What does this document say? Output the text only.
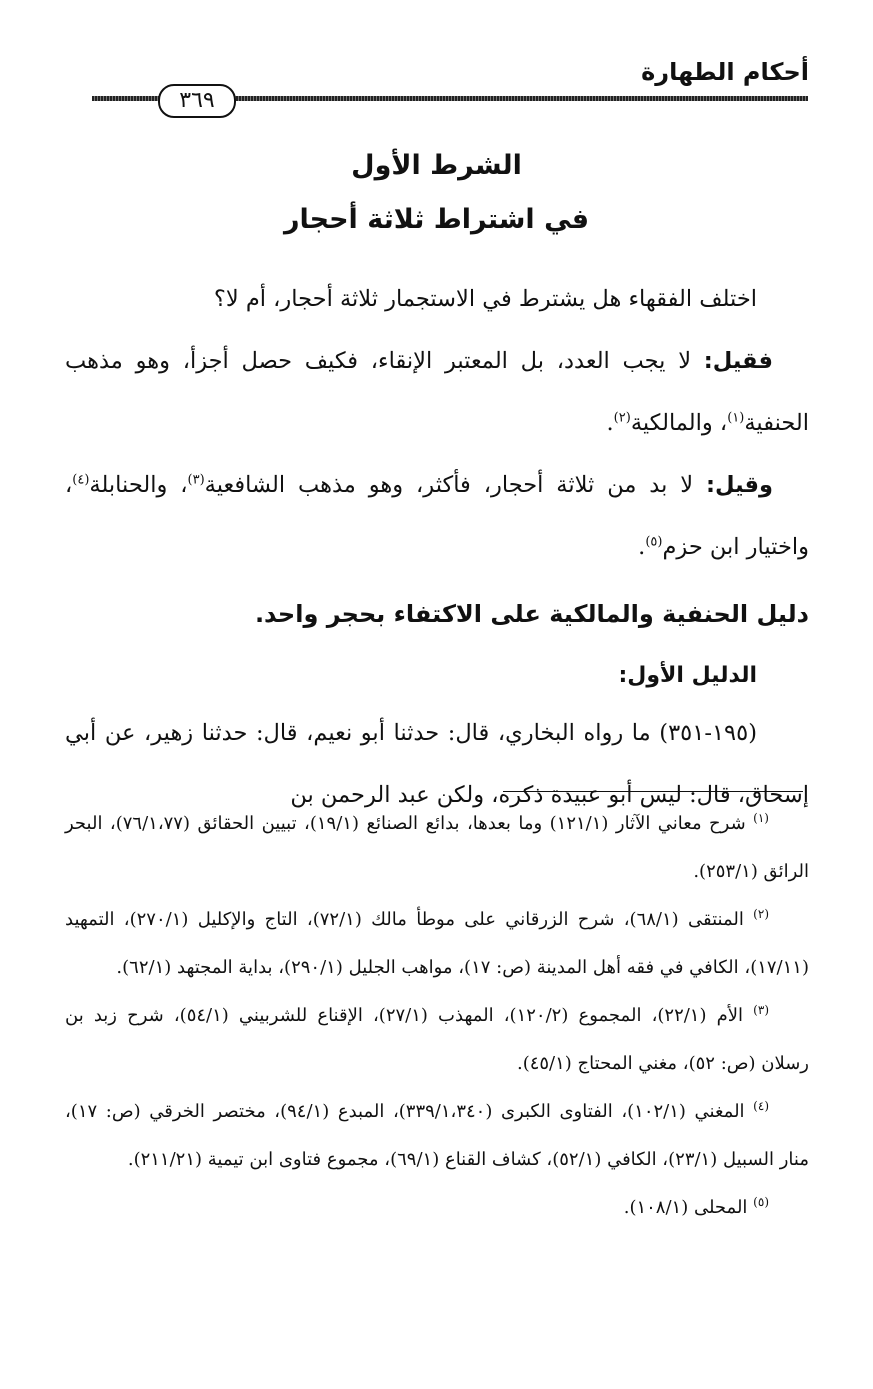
أحكام الطهارة
٣٦٩
الشرط الأول
في اشتراط ثلاثة أحجار

اختلف الفقهاء هل يشترط في الاستجمار ثلاثة أحجار، أم لا؟

فقيل: لا يجب العدد، بل المعتبر الإنقاء، فكيف حصل أجزأ، وهو مذهب الحنفية$^{(١)}$، والمالكية$^{(٢)}$.

وقيل: لا بد من ثلاثة أحجار، فأكثر، وهو مذهب الشافعية$^{(٣)}$، والحنابلة$^{(٤)}$، واختيار ابن حزم$^{(٥)}$.

دليل الحنفية والمالكية على الاكتفاء بحجر واحد.
الدليل الأول:

(١٩٥-٣٥١) ما رواه البخاري، قال: حدثنا أبو نعيم، قال: حدثنا زهير، عن أبي إسحاق، قال: ليس أبو عبيدة ذكره، ولكن عبد الرحمن بن

$^{(١)}$ شرح معاني الآثار (١٢١/١) وما بعدها، بدائع الصنائع (١٩/١)، تبيين الحقائق (٧٦/١،٧٧)، البحر الرائق (٢٥٣/١).

$^{(٢)}$ المنتقى (٦٨/١)، شرح الزرقاني على موطأ مالك (٧٢/١)، التاج والإكليل (٢٧٠/١)، التمهيد (١٧/١١)، الكافي في فقه أهل المدينة (ص: ١٧)، مواهب الجليل (٢٩٠/١)، بداية المجتهد (٦٢/١).

$^{(٣)}$ الأم (٢٢/١)، المجموع (١٢٠/٢)، المهذب (٢٧/١)، الإقناع للشربيني (٥٤/١)، شرح زبد بن رسلان (ص: ٥٢)، مغني المحتاج (٤٥/١).

$^{(٤)}$ المغني (١٠٢/١)، الفتاوى الكبرى (٣٣٩/١،٣٤٠)، المبدع (٩٤/١)، مختصر الخرقي (ص: ١٧)، منار السبيل (٢٣/١)، الكافي (٥٢/١)، كشاف القناع (٦٩/١)، مجموع فتاوى ابن تيمية (٢١١/٢١).

$^{(٥)}$ المحلى (١٠٨/١).
